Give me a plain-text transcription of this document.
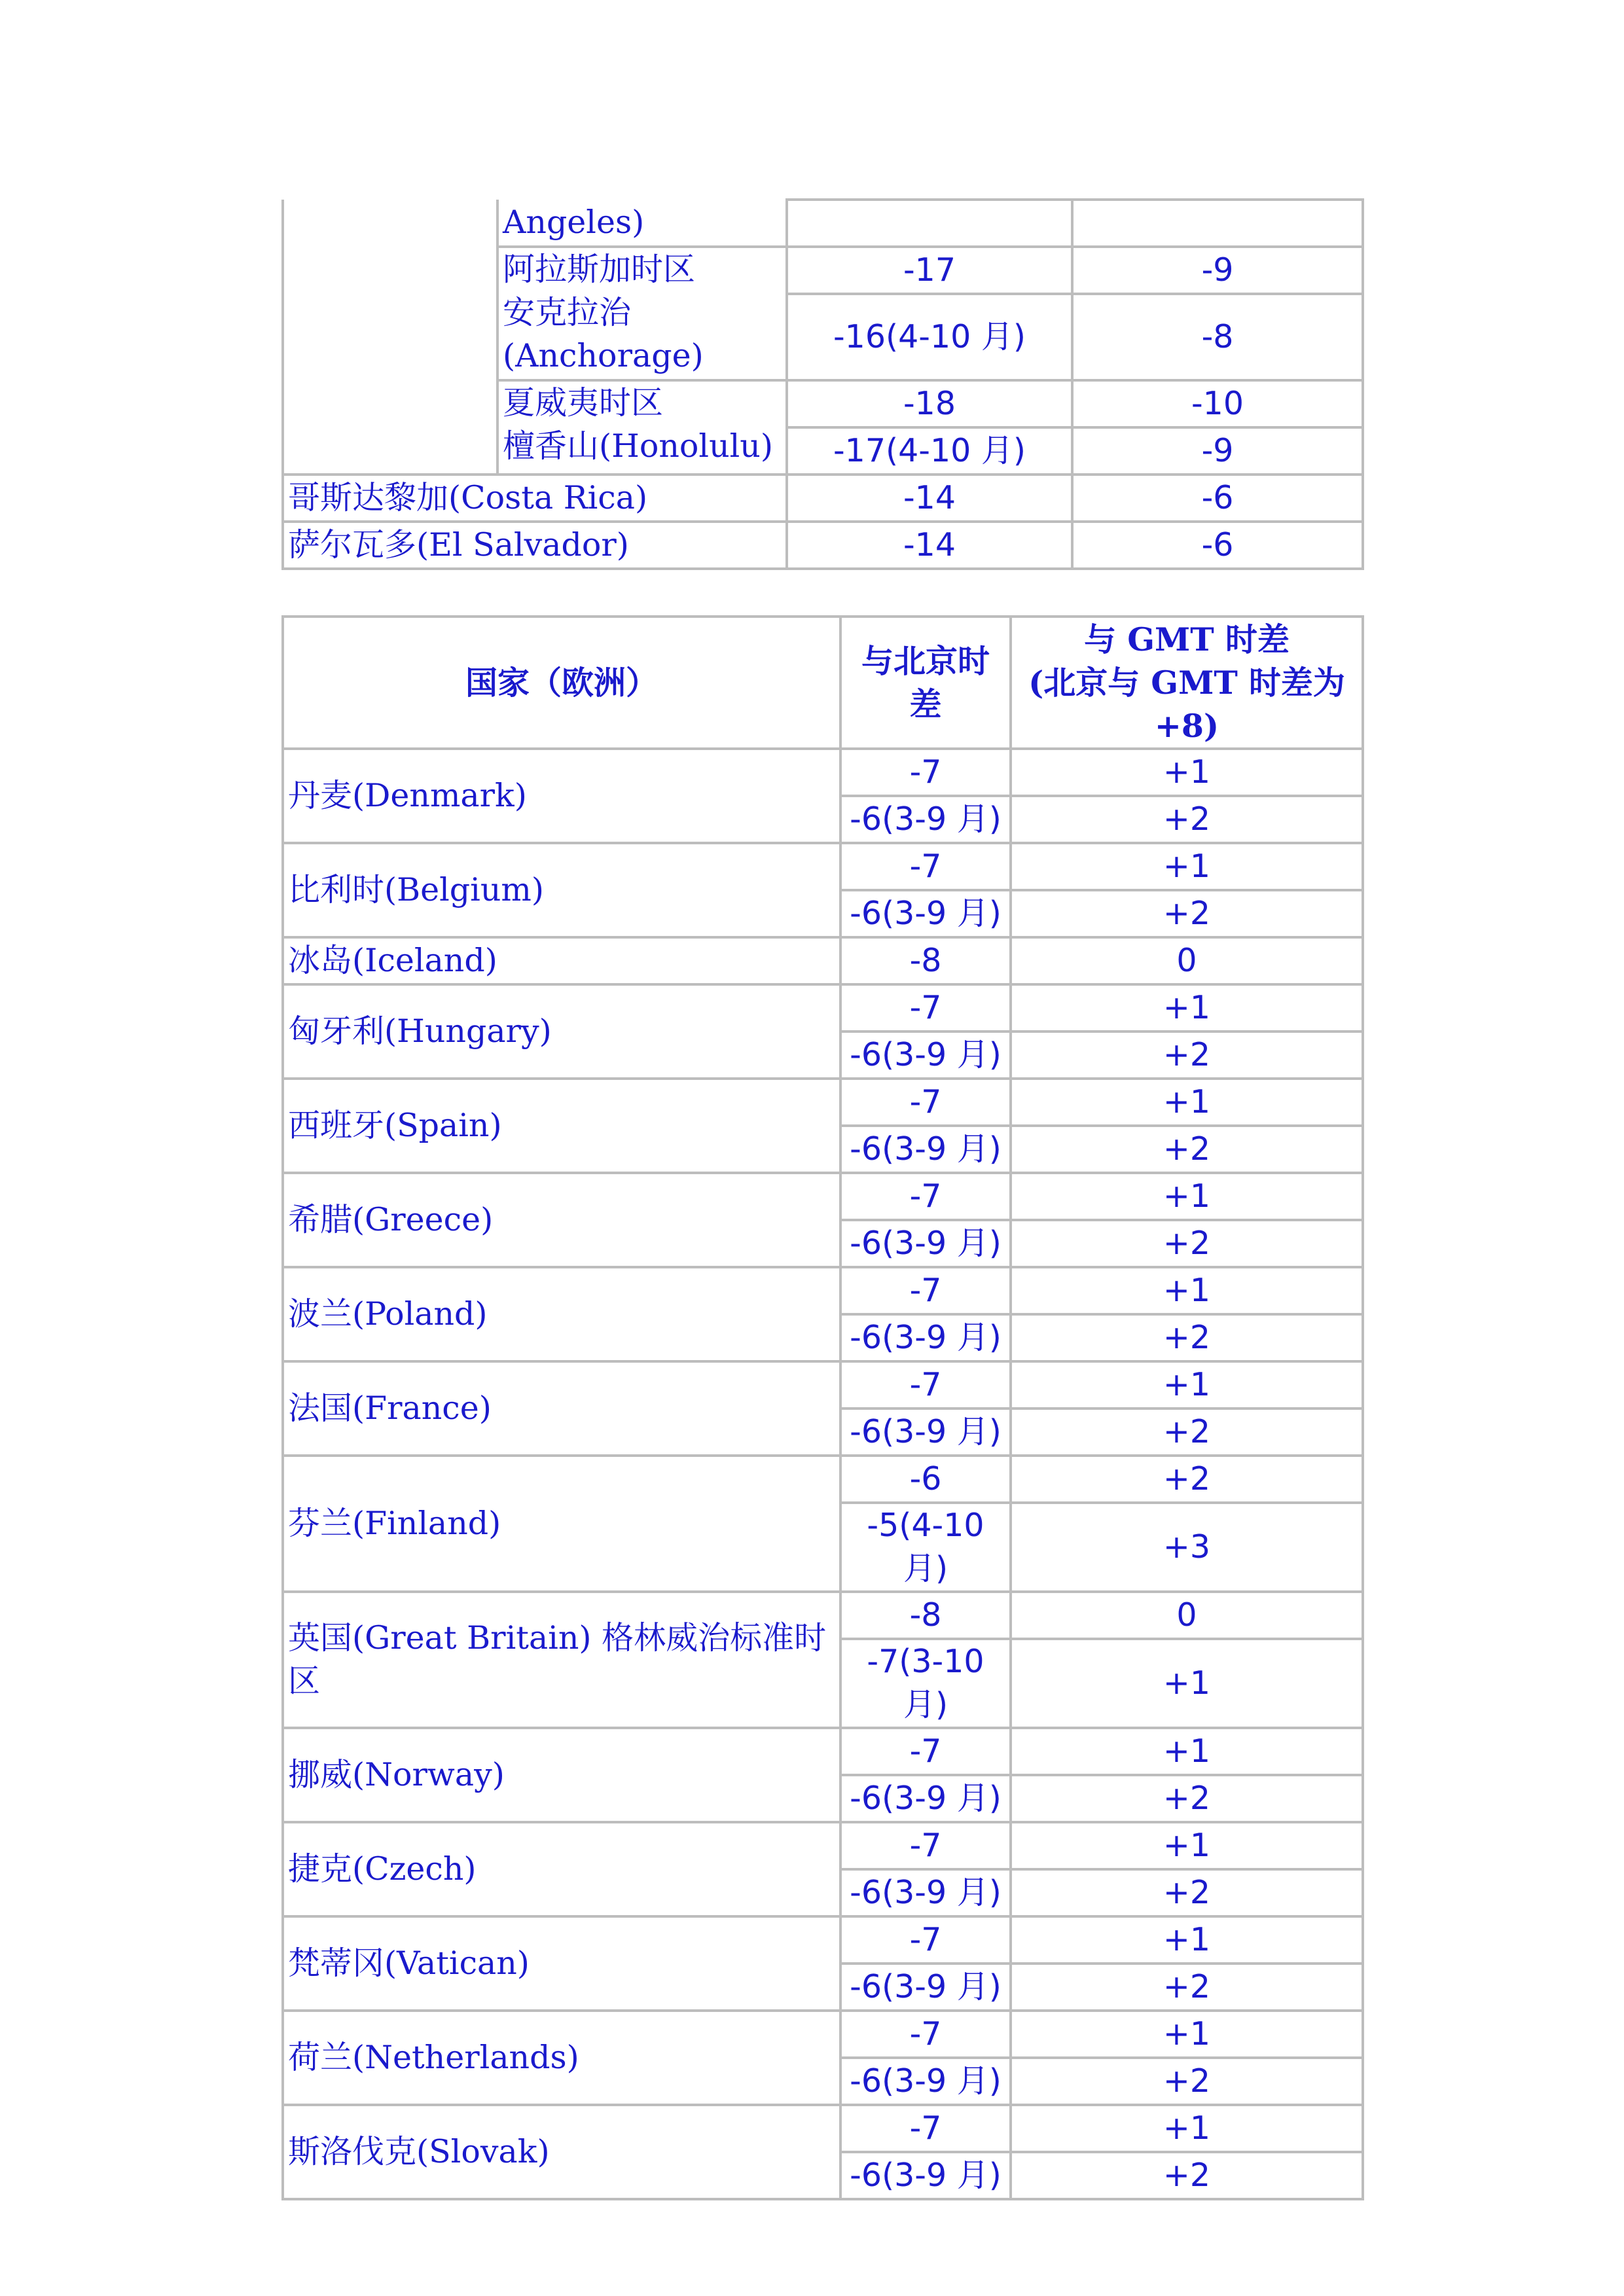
	Angeles)		

	阿拉斯加时区
安克拉治
(Anchorage)	-17	-9
		-16(4-10 月)	-8

	夏威夷时区
檀香山(Honolulu)	-18	-10
		-17(4-10 月)	-9

哥斯达黎加(Costa Rica)		-14	-6
萨尔瓦多(El Salvador)		-14	-6
国家（欧洲）	与北京时差	与 GMT 时差
(北京与 GMT 时差为+8)

丹麦(Denmark)	-7	+1
	-6(3-9 月)	+2
比利时(Belgium)	-7	+1
	-6(3-9 月)	+2
冰岛(Iceland)	-8	0
匈牙利(Hungary)	-7	+1
	-6(3-9 月)	+2
西班牙(Spain)	-7	+1
	-6(3-9 月)	+2
希腊(Greece)	-7	+1
	-6(3-9 月)	+2
波兰(Poland)	-7	+1
	-6(3-9 月)	+2
法国(France)	-7	+1
	-6(3-9 月)	+2
芬兰(Finland)	-6	+2
	-5(4-10 月)	+3
英国(Great Britain) 格林威治标准时区	-8	0
	-7(3-10 月)	+1
挪威(Norway)	-7	+1
	-6(3-9 月)	+2
捷克(Czech)	-7	+1
	-6(3-9 月)	+2
梵蒂冈(Vatican)	-7	+1
	-6(3-9 月)	+2
荷兰(Netherlands)	-7	+1
	-6(3-9 月)	+2
斯洛伐克(Slovak)	-7	+1
	-6(3-9 月)	+2
